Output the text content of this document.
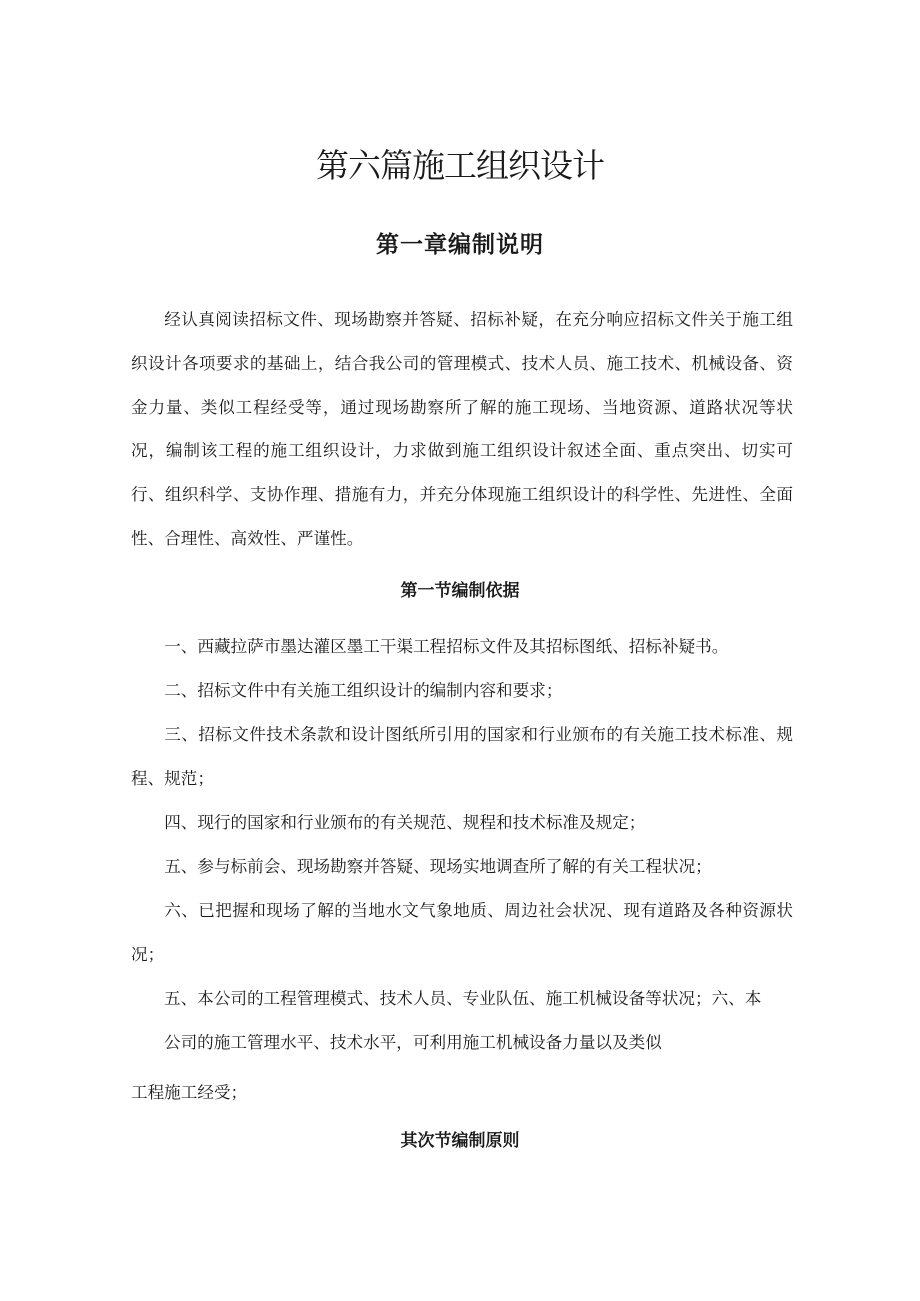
第六篇施工组织设计
第一章编制说明

经认真阅读招标文件、现场勘察并答疑、招标补疑，在充分响应招标文件关于施工组织设计各项要求的基础上，结合我公司的管理模式、技术人员、施工技术、机械设备、资金力量、类似工程经受等，通过现场勘察所了解的施工现场、当地资源、道路状况等状况，编制该工程的施工组织设计，力求做到施工组织设计叙述全面、重点突出、切实可行、组织科学、支协作理、措施有力，并充分体现施工组织设计的科学性、先进性、全面性、合理性、高效性、严谨性。

第一节编制依据

一、西藏拉萨市墨达灌区墨工干渠工程招标文件及其招标图纸、招标补疑书。

二、招标文件中有关施工组织设计的编制内容和要求；

三、招标文件技术条款和设计图纸所引用的国家和行业颁布的有关施工技术标准、规程、规范；

四、现行的国家和行业颁布的有关规范、规程和技术标准及规定；

五、参与标前会、现场勘察并答疑、现场实地调查所了解的有关工程状况；

六、已把握和现场了解的当地水文气象地质、周边社会状况、现有道路及各种资源状况；

五、本公司的工程管理模式、技术人员、专业队伍、施工机械设备等状况；六、本

公司的施工管理水平、技术水平，可利用施工机械设备力量以及类似

工程施工经受；

其次节编制原则
